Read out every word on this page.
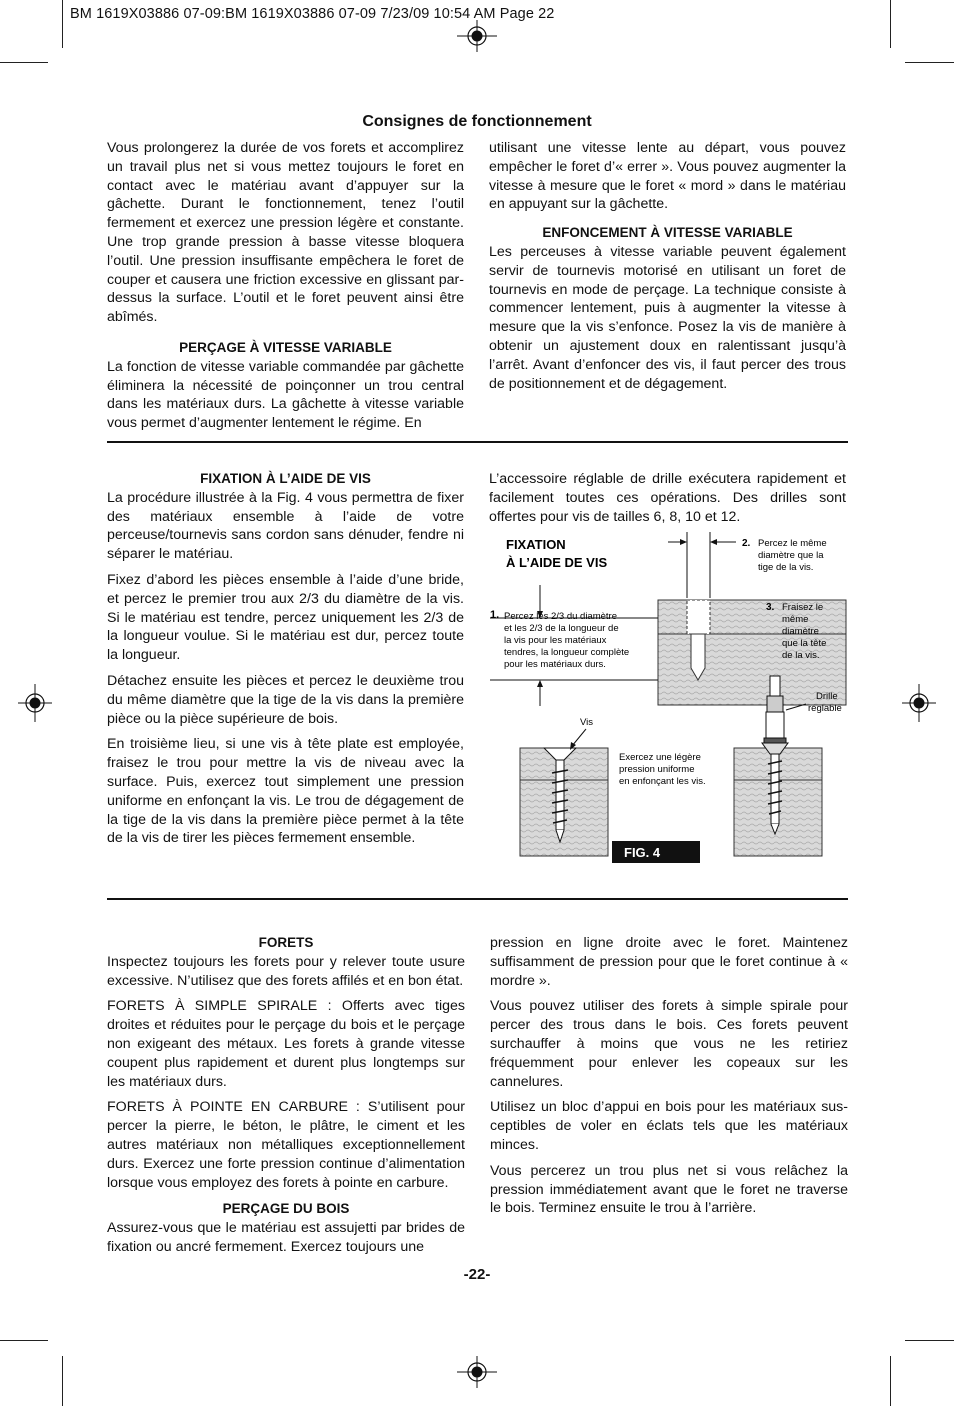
BM 1619X03886 07-09:BM 1619X03886 07-09 7/23/09 10:54 AM Page 22
Consignes de fonctionnement

Vous prolongerez la durée de vos forets et accomplirez un travail plus net si vous mettez toujours le foret en contact avec le matériau avant d’appuyer sur la gâchette. Durant le fonctionnement, tenez l’outil fermement et exercez une pression légère et constante. Une trop grande pression à basse vitesse bloquera l’outil. Une pression insuffisante empêchera le foret de couper et causera une friction excessive en glissant par-dessus la surface. L’outil et le foret peuvent ainsi être abîmés.

PERÇAGE À VITESSE VARIABLE

La fonction de vitesse variable commandée par gâchette éliminera la nécessité de poinçonner un trou central dans les matériaux durs. La gâchette à vitesse variable vous permet d’augmenter lentement le régime. En

utilisant une vitesse lente au départ, vous pouvez empêcher le foret d’« errer ». Vous pouvez augmenter la vitesse à mesure que le foret « mord » dans le matériau en appuyant sur la gâchette.

ENFONCEMENT À VITESSE VARIABLE

Les perceuses à vitesse variable peuvent également servir de tournevis motorisé en utilisant un foret de tournevis en mode de perçage. La technique consiste à commencer lentement, puis à augmenter la vitesse à mesure que la vis s’enfonce. Posez la vis de manière à obtenir un ajustement doux en ralentissant jusqu’à l’arrêt. Avant d’enfoncer des vis, il faut percer des trous de positionnement et de dégagement.

FIXATION À L’AIDE DE VIS

La procédure illustrée à la Fig. 4 vous permettra de fixer des matériaux ensemble à l’aide de votre perceuse/tournevis sans cordon sans dénuder, fendre ni séparer le matériau.

Fixez d’abord les pièces ensemble à l’aide d’une bride, et percez le premier trou aux 2/3 du diamètre de la vis. Si le matériau est tendre, percez uniquement les 2/3 de la longueur voulue. Si le matériau est dur, percez toute la longueur.

Détachez ensuite les pièces et percez le deuxième trou du même diamètre que la tige de la vis dans la première pièce ou la pièce supérieure de bois.

En troisième lieu, si une vis à tête plate est employée, fraisez le trou pour mettre la vis de niveau avec la surface. Puis, exercez tout simplement une pression uniforme en enfonçant la vis. Le trou de dégagement de la tige de la vis dans la première pièce permet à la tête de la vis de tirer les pièces fermement ensemble.

L’accessoire réglable de drille exécutera rapidement et facilement toutes ces opérations. Des drilles sont offertes pour vis de tailles 6, 8, 10 et 12.

FIXATION
À L’AIDE DE VIS
2. Percez le même
diamètre que la
tige de la vis.
1. Percez les 2/3 du diamètre
et les 2/3 de la longueur de
la vis pour les matériaux
tendres, la longueur complète
pour les matériaux durs.
3. Fraisez le
même
diamètre
que la tête
de la vis.
Drille
réglable
Vis
Exercez une légère
pression uniforme
en enfonçant les vis.
FIG. 4
FORETS

Inspectez toujours les forets pour y relever toute usure excessive. N’utilisez que des forets affilés et en bon état.

FORETS À SIMPLE SPIRALE : Offerts avec tiges droites et réduites pour le perçage du bois et le perçage non exigeant des métaux. Les forets à grande vitesse coupent plus rapidement et durent plus longtemps sur les matériaux durs.

FORETS À POINTE EN CARBURE : S’utilisent pour percer la pierre, le béton, le plâtre, le ciment et les autres matériaux non métalliques exceptionnellement durs. Exercez une forte pression continue d’alimentation lorsque vous employez des forets à pointe en carbure.

PERÇAGE DU BOIS

Assurez-vous que le matériau est assujetti par brides de fixation ou ancré fermement. Exercez toujours une

pression en ligne droite avec le foret. Maintenez suffisamment de pression pour que le foret continue à « mordre ».

Vous pouvez utiliser des forets à simple spirale pour percer des trous dans le bois. Ces forets peuvent surchauffer à moins que vous ne les retiriez fréquemment pour enlever les copeaux sur les cannelures.

Utilisez un bloc d’appui en bois pour les matériaux sus-ceptibles de voler en éclats tels que les matériaux minces.

Vous percerez un trou plus net si vous relâchez la pression immédiatement avant que le foret ne traverse le bois. Terminez ensuite le trou à l’arrière.

-22-
